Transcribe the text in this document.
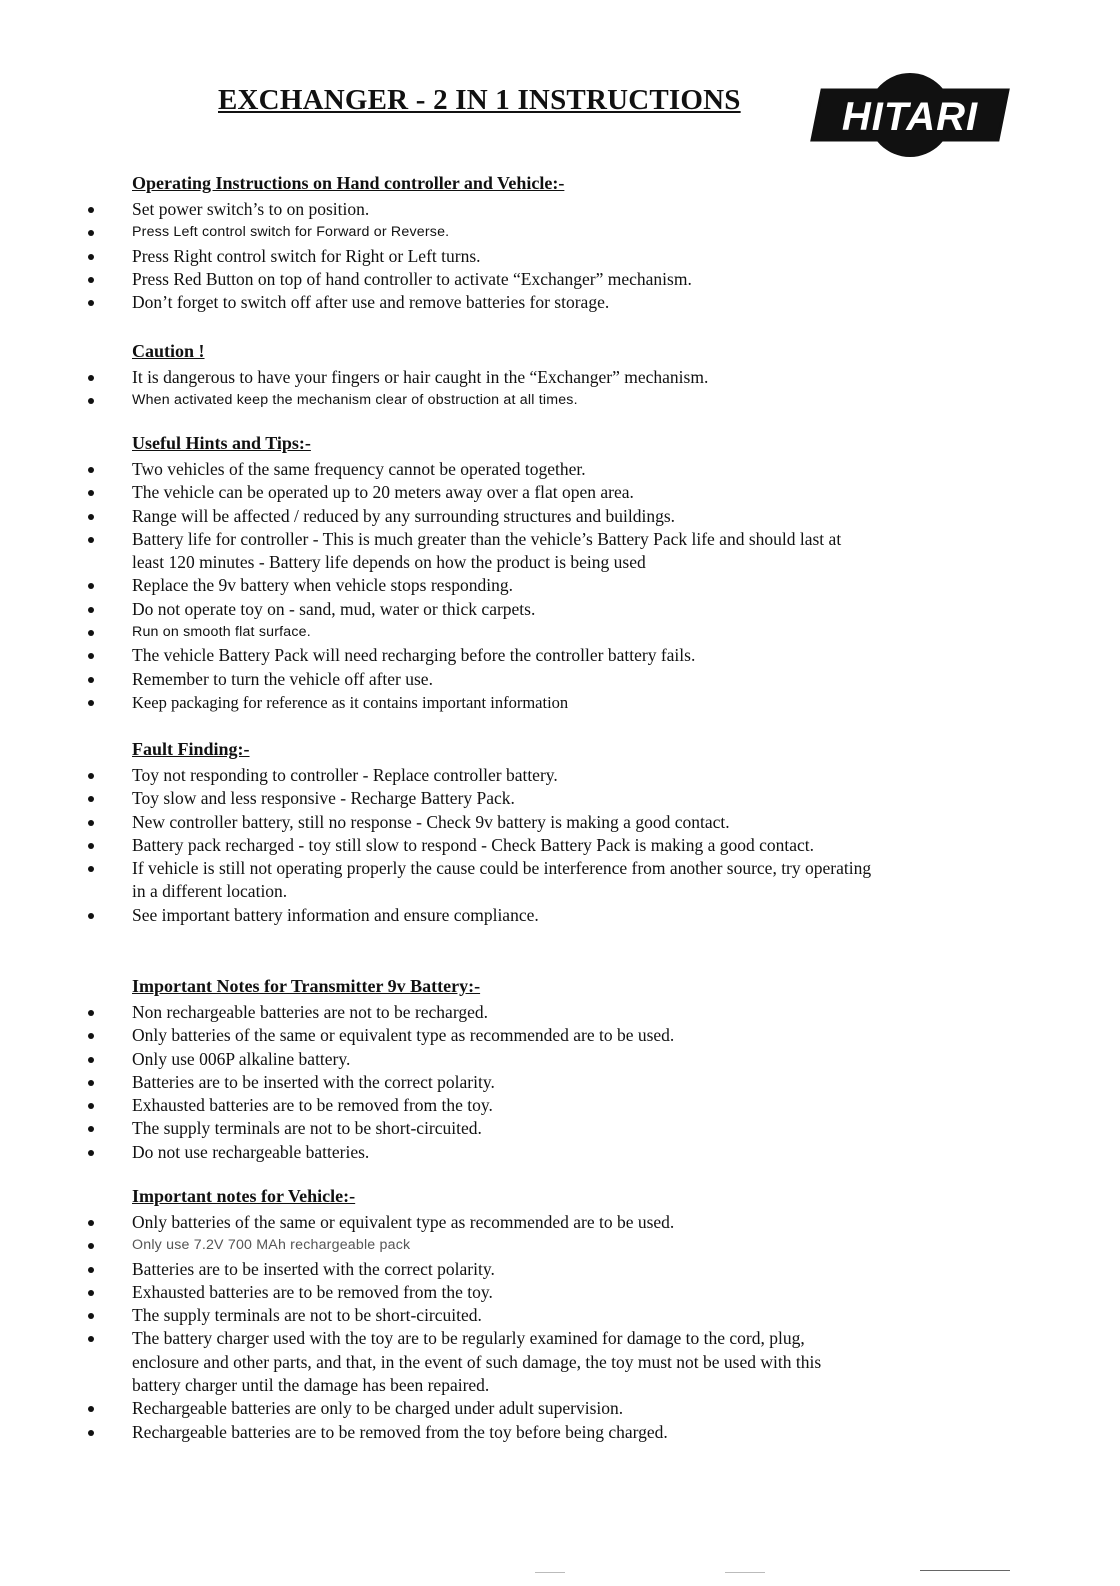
EXCHANGER - 2 IN 1 INSTRUCTIONS	HITARI
Operating Instructions on Hand controller and Vehicle:-
Set power switch’s to on position.
Press Left control switch for Forward or Reverse.
Press Right control switch for Right or Left turns.
Press Red Button on top of hand controller to activate “Exchanger” mechanism.
Don’t forget to switch off after use and remove batteries for storage.
Caution !
It is dangerous to have your fingers or hair caught in the “Exchanger” mechanism.
When activated keep the mechanism clear of obstruction at all times.
Useful Hints and Tips:-
Two vehicles of the same frequency cannot be operated together.
The vehicle can be operated up to 20 meters away over a flat open area.
Range will be affected / reduced by any surrounding structures and buildings.
Battery life for controller - This is much greater than the vehicle’s Battery Pack life and should last at least 120 minutes - Battery life depends on how the product is being used
Replace the 9v battery when vehicle stops responding.
Do not operate toy on - sand, mud, water or thick carpets.
Run on smooth flat surface.
The vehicle Battery Pack will need recharging before the controller battery fails.
Remember to turn the vehicle off after use.
Keep packaging for reference as it contains important information
Fault Finding:-
Toy not responding to controller - Replace controller battery.
Toy slow and less responsive - Recharge Battery Pack.
New controller battery, still no response - Check 9v battery is making a good contact.
Battery pack recharged - toy still slow to respond - Check Battery Pack is making a good contact.
If vehicle is still not operating properly the cause could be interference from another source, try operating in a different location.
See important battery information and ensure compliance.
Important Notes for Transmitter 9v Battery:-
Non rechargeable batteries are not to be recharged.
Only batteries of the same or equivalent type as recommended are to be used.
Only use 006P alkaline battery.
Batteries are to be inserted with the correct polarity.
Exhausted batteries are to be removed from the toy.
The supply terminals are not to be short-circuited.
Do not use rechargeable batteries.
Important notes for Vehicle:-
Only batteries of the same or equivalent type as recommended are to be used.
Only use 7.2V 700 MAh rechargeable pack
Batteries are to be inserted with the correct polarity.
Exhausted batteries are to be removed from the toy.
The supply terminals are not to be short-circuited.
The battery charger used with the toy are to be regularly examined for damage to the cord, plug, enclosure and other parts, and that, in the event of such damage, the toy must not be used with this battery charger until the damage has been repaired.
Rechargeable batteries are only to be charged under adult supervision.
Rechargeable batteries are to be removed from the toy before being charged.
